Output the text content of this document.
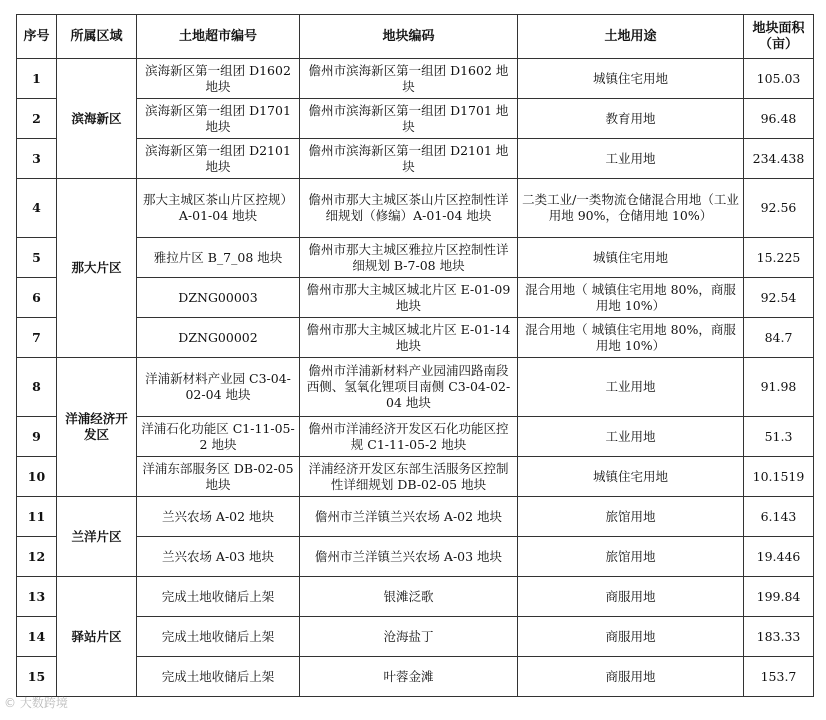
序号	所属区域	土地超市编号	地块编码	土地用途	地块面积（亩）
1	滨海新区	滨海新区第一组团 D1602 地块	儋州市滨海新区第一组团 D1602 地块	城镇住宅用地	105.03
2		滨海新区第一组团 D1701 地块	儋州市滨海新区第一组团 D1701 地块	教育用地	96.48
3		滨海新区第一组团 D2101 地块	儋州市滨海新区第一组团 D2101 地块	工业用地	234.438
4	那大片区	那大主城区茶山片区控规）A-01-04 地块	儋州市那大主城区茶山片区控制性详细规划（修编）A-01-04 地块	二类工业/一类物流仓储混合用地（工业用地 90%，仓储用地 10%）	92.56
5		雅拉片区 B_7_08 地块	儋州市那大主城区雅拉片区控制性详细规划 B-7-08 地块	城镇住宅用地	15.225
6		DZNG00003	儋州市那大主城区城北片区 E-01-09 地块	混合用地（ 城镇住宅用地 80%，商服用地 10%）	92.54
7		DZNG00002	儋州市那大主城区城北片区 E-01-14 地块	混合用地（ 城镇住宅用地 80%，商服用地 10%）	84.7
8	洋浦经济开发区	洋浦新材料产业园 C3-04-02-04 地块	儋州市洋浦新材料产业园浦四路南段西侧、氢氧化锂项目南侧 C3-04-02-04 地块	工业用地	91.98
9		洋浦石化功能区 C1-11-05-2 地块	儋州市洋浦经济开发区石化功能区控规 C1-11-05-2 地块	工业用地	51.3
10		洋浦东部服务区 DB-02-05 地块	洋浦经济开发区东部生活服务区控制性详细规划 DB-02-05 地块	城镇住宅用地	10.1519
11	兰洋片区	兰兴农场 A-02 地块	儋州市兰洋镇兰兴农场 A-02 地块	旅馆用地	6.143
12		兰兴农场 A-03 地块	儋州市兰洋镇兰兴农场 A-03 地块	旅馆用地	19.446
13	驿站片区	完成土地收储后上架	银滩泛歌	商服用地	199.84
14		完成土地收储后上架	沧海盐丁	商服用地	183.33
15		完成土地收储后上架	叶蓉金滩	商服用地	153.7
© 大数跨境
